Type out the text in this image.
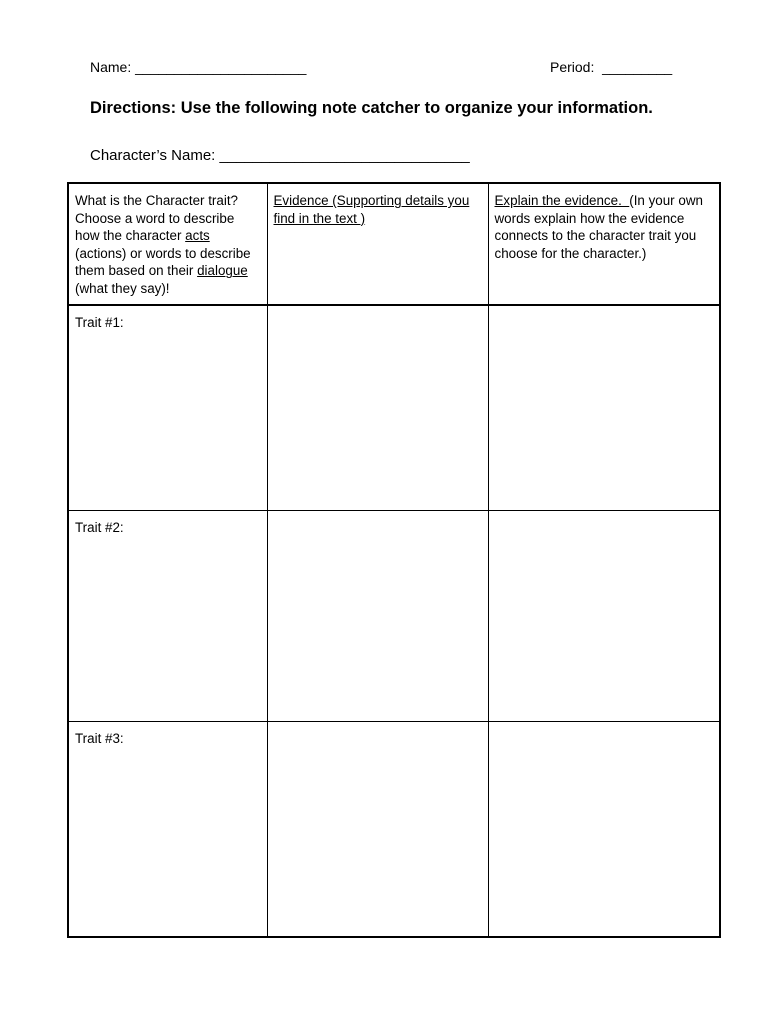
Name: ______________________	Period:  _________
Directions: Use the following note catcher to organize your information.
Character’s Name: ______________________________
What is the Character trait? Choose a word to describe how the character acts (actions) or words to describe them based on their dialogue (what they say)!	Evidence (Supporting details you find in the text )	Explain the evidence.  (In your own words explain how the evidence connects to the character trait you choose for the character.)
Trait #1:		
Trait #2:		
Trait #3:		
